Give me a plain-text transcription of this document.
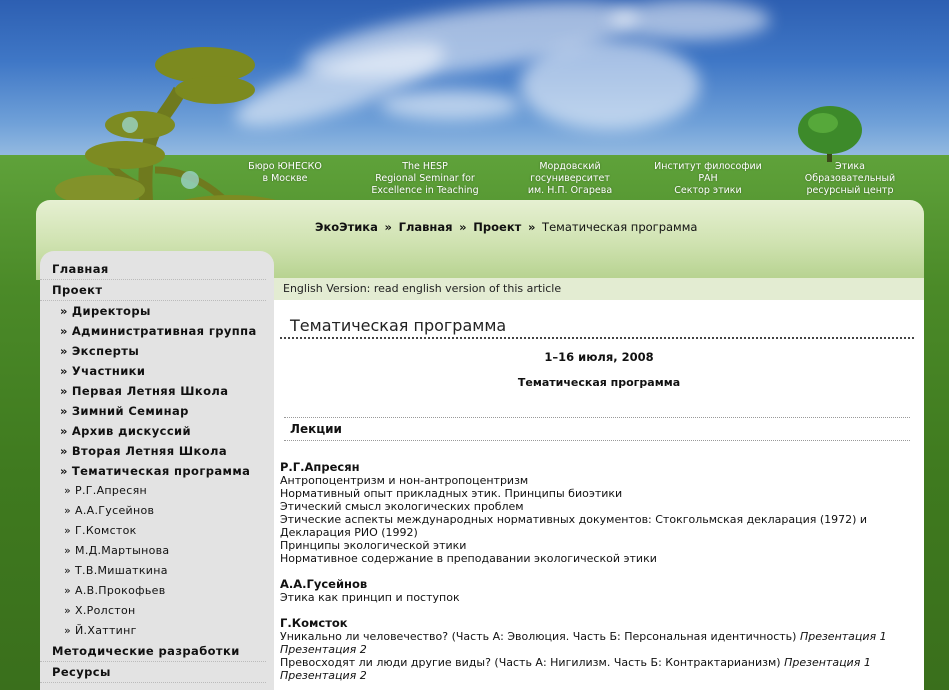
Бюро ЮНЕСКО
в Москве
The HESP
Regional Seminar for
Excellence in Teaching
Мордовский
госуниверситет
им. Н.П. Огарева
Институт философии
РАН
Сектор этики
Этика
Образовательный
ресурсный центр
ЭкоЭтика » Главная » Проект » Тематическая программа
Главная
Проект
» Директоры
» Административная группа
» Эксперты
» Участники
» Первая Летняя Школа
» Зимний Семинар
» Архив дискуссий
» Вторая Летняя Школа
» Тематическая программа
» Р.Г.Апресян
» А.А.Гусейнов
» Г.Комсток
» М.Д.Мартынова
» Т.В.Мишаткина
» А.В.Прокофьев
» Х.Ролстон
» Й.Хаттинг
Методические разработки
Ресурсы
English Version: read english version of this article
Тематическая программа
1–16 июля, 2008
Тематическая программа
Лекции
Р.Г.Апресян
Антропоцентризм и нон-антропоцентризм
Нормативный опыт прикладных этик. Принципы биоэтики
Этический смысл экологических проблем
Этические аспекты международных нормативных документов: Стокгольмская декларация (1972) и Декларация РИО (1992)
Принципы экологической этики
Нормативное содержание в преподавании экологической этики
А.А.Гусейнов
Этика как принцип и поступок
Г.Комсток
Уникально ли человечество? (Часть А: Эволюция. Часть Б: Персональная идентичность) Презентация 1 Презентация 2
Превосходят ли люди другие виды? (Часть А: Нигилизм. Часть Б: Контрактарианизм) Презентация 1 Презентация 2
